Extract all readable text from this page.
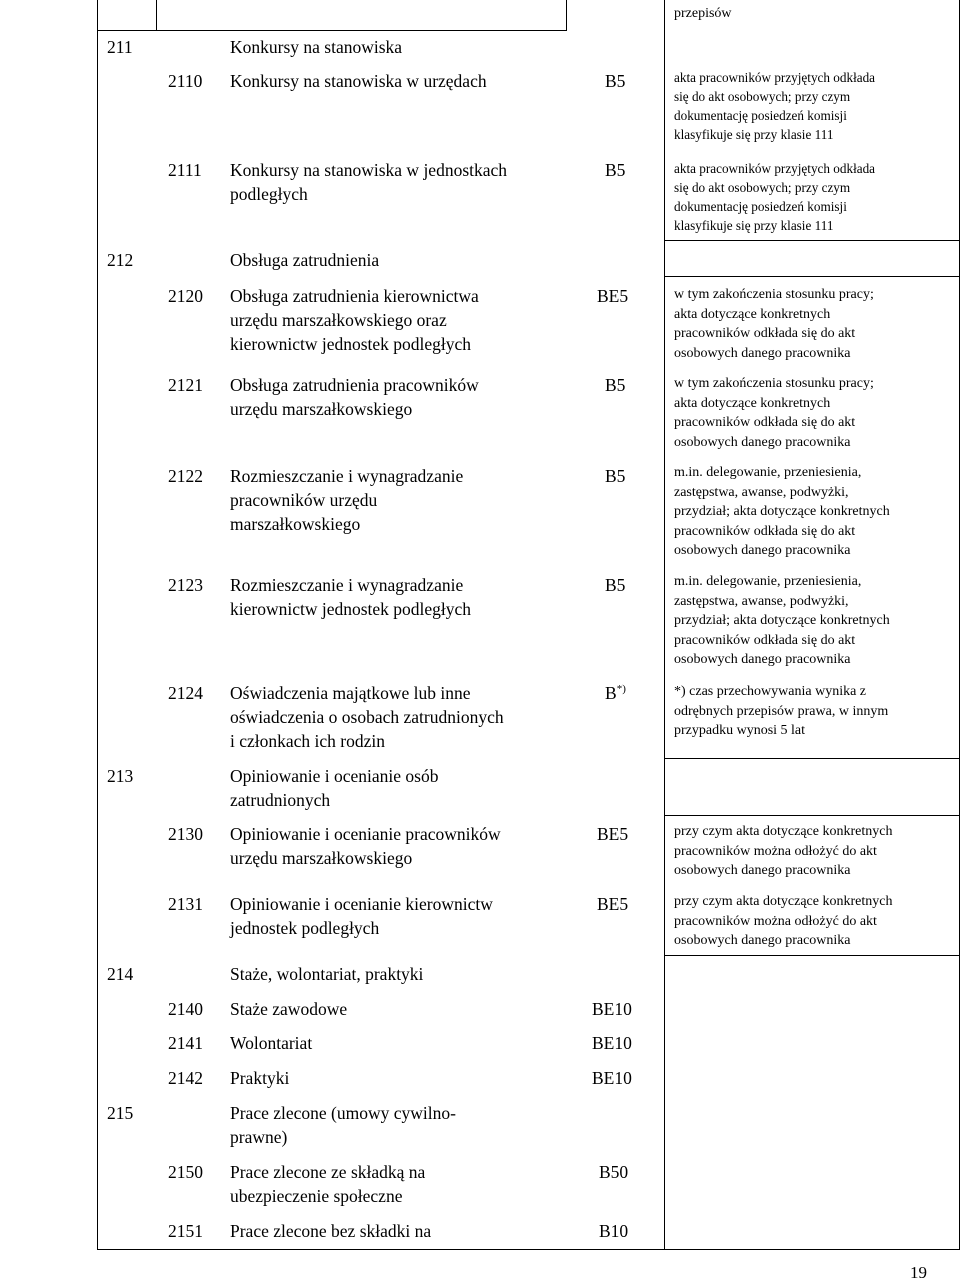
przepisów
211	Konkursy na stanowiska
2110 Konkursy na stanowiska w urzędach	B5	akta pracowników przyjętych odkłada
się do akt osobowych; przy czym
dokumentację posiedzeń komisji
klasyfikuje się przy klasie 111
2111 Konkursy na stanowiska w jednostkach
podległych
B5	akta pracowników przyjętych odkłada
się do akt osobowych; przy czym
dokumentację posiedzeń komisji
klasyfikuje się przy klasie 111
212	Obsługa zatrudnienia
2120 Obsługa zatrudnienia kierownictwa
urzędu marszałkowskiego oraz
kierownictw jednostek podległych
BE5	w tym zakończenia stosunku pracy;
akta dotyczące konkretnych
pracowników odkłada się do akt
osobowych danego pracownika
2121 Obsługa zatrudnienia pracowników
urzędu marszałkowskiego
B5	w tym zakończenia stosunku pracy;
akta dotyczące konkretnych
pracowników odkłada się do akt
osobowych danego pracownika
2122 Rozmieszczanie i wynagradzanie
pracowników urzędu
marszałkowskiego
B5	m.in. delegowanie, przeniesienia,
zastępstwa, awanse, podwyżki,
przydział; akta dotyczące konkretnych
pracowników odkłada się do akt
osobowych danego pracownika
2123 Rozmieszczanie i wynagradzanie
kierownictw jednostek podległych
B5	m.in. delegowanie, przeniesienia,
zastępstwa, awanse, podwyżki,
przydział; akta dotyczące konkretnych
pracowników odkłada się do akt
osobowych danego pracownika
2124 Oświadczenia majątkowe lub inne
oświadczenia o osobach zatrudnionych
i członkach ich rodzin
B*)	*) czas przechowywania wynika z
odrębnych przepisów prawa, w innym
przypadku wynosi 5 lat
213	Opiniowanie i ocenianie osób
zatrudnionych
2130 Opiniowanie i ocenianie pracowników
urzędu marszałkowskiego
BE5	przy czym akta dotyczące konkretnych
pracowników można odłożyć do akt
osobowych danego pracownika
2131 Opiniowanie i ocenianie kierownictw
jednostek podległych
BE5	przy czym akta dotyczące konkretnych
pracowników można odłożyć do akt
osobowych danego pracownika
214	Staże, wolontariat, praktyki
2140 Staże zawodowe	BE10
2141 Wolontariat	BE10
2142 Praktyki	BE10
215	Prace zlecone (umowy cywilno-
prawne)
2150 Prace zlecone ze składką na
ubezpieczenie społeczne
B50
2151 Prace zlecone bez składki na	B10
19
